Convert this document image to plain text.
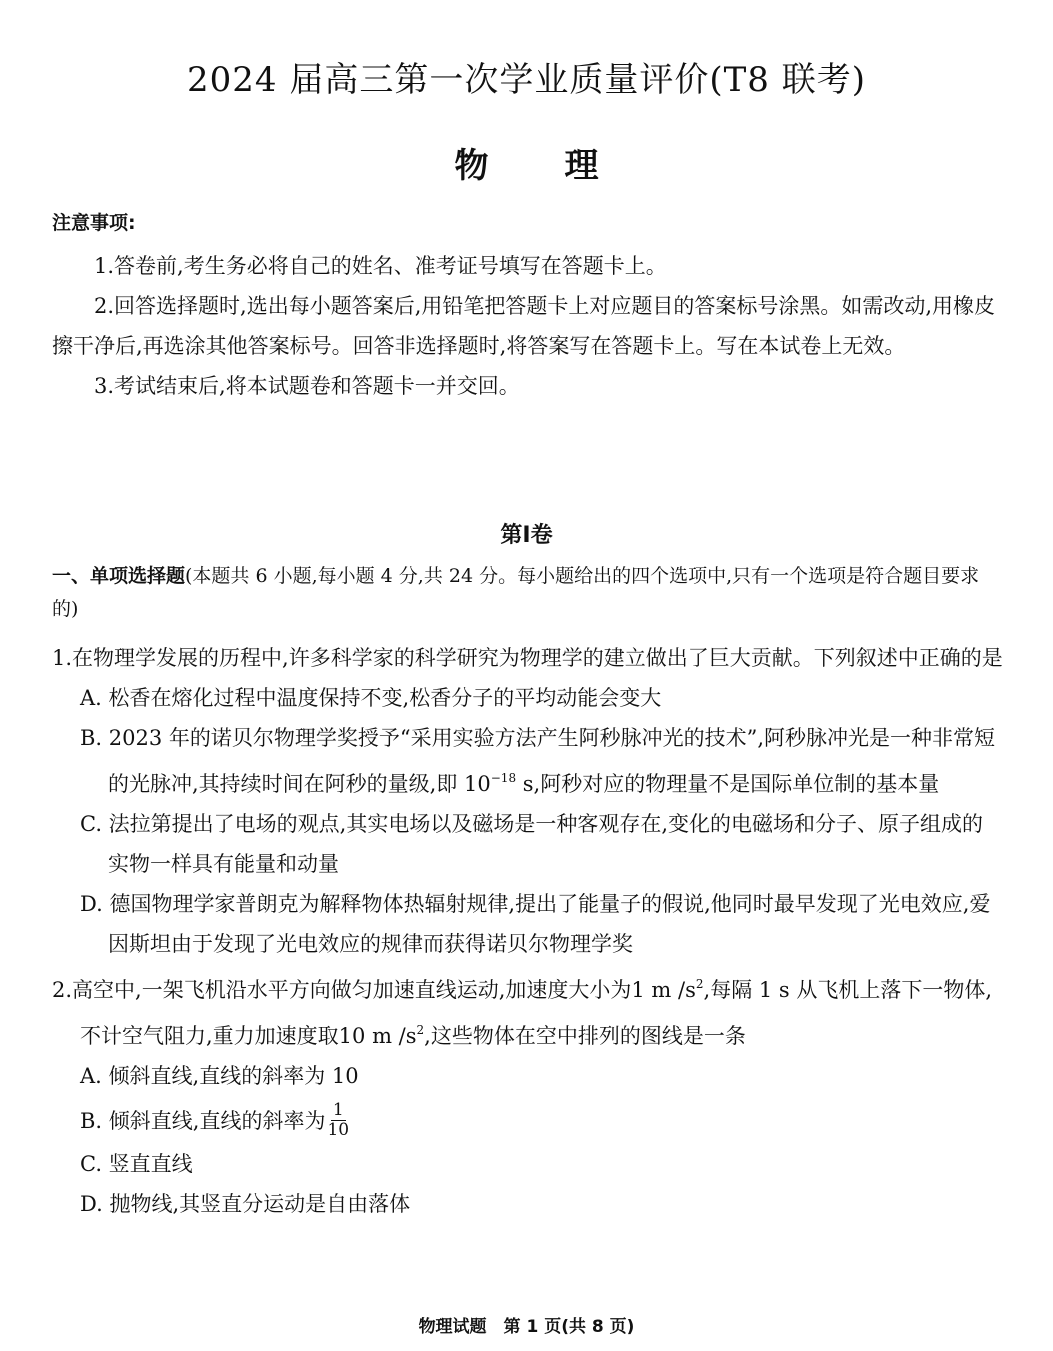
2024 届高三第一次学业质量评价(T8 联考)
物 理
注意事项:

1.答卷前,考生务必将自己的姓名、准考证号填写在答题卡上。

2.回答选择题时,选出每小题答案后,用铅笔把答题卡上对应题目的答案标号涂黑。如需改动,用橡皮擦干净后,再选涂其他答案标号。回答非选择题时,将答案写在答题卡上。写在本试卷上无效。

3.考试结束后,将本试题卷和答题卡一并交回。

第Ⅰ卷
一、单项选择题(本题共 6 小题,每小题 4 分,共 24 分。每小题给出的四个选项中,只有一个选项是符合题目要求的)

1.在物理学发展的历程中,许多科学家的科学研究为物理学的建立做出了巨大贡献。下列叙述中正确的是

A. 松香在熔化过程中温度保持不变,松香分子的平均动能会变大

B. 2023 年的诺贝尔物理学奖授予“采用实验方法产生阿秒脉冲光的技术”,阿秒脉冲光是一种非常短的光脉冲,其持续时间在阿秒的量级,即 $10^{-18}$ s,阿秒对应的物理量不是国际单位制的基本量

C. 法拉第提出了电场的观点,其实电场以及磁场是一种客观存在,变化的电磁场和分子、原子组成的实物一样具有能量和动量

D. 德国物理学家普朗克为解释物体热辐射规律,提出了能量子的假说,他同时最早发现了光电效应,爱因斯坦由于发现了光电效应的规律而获得诺贝尔物理学奖

2.高空中,一架飞机沿水平方向做匀加速直线运动,加速度大小为1 m $/s^2$,每隔 1 s 从飞机上落下一物体,不计空气阻力,重力加速度取10 m $/s^2$,这些物体在空中排列的图线是一条

A. 倾斜直线,直线的斜率为 10

B. 倾斜直线,直线的斜率为 $\frac{1}{10}$

C. 竖直直线

D. 抛物线,其竖直分运动是自由落体

物理试题　第 1 页(共 8 页)
